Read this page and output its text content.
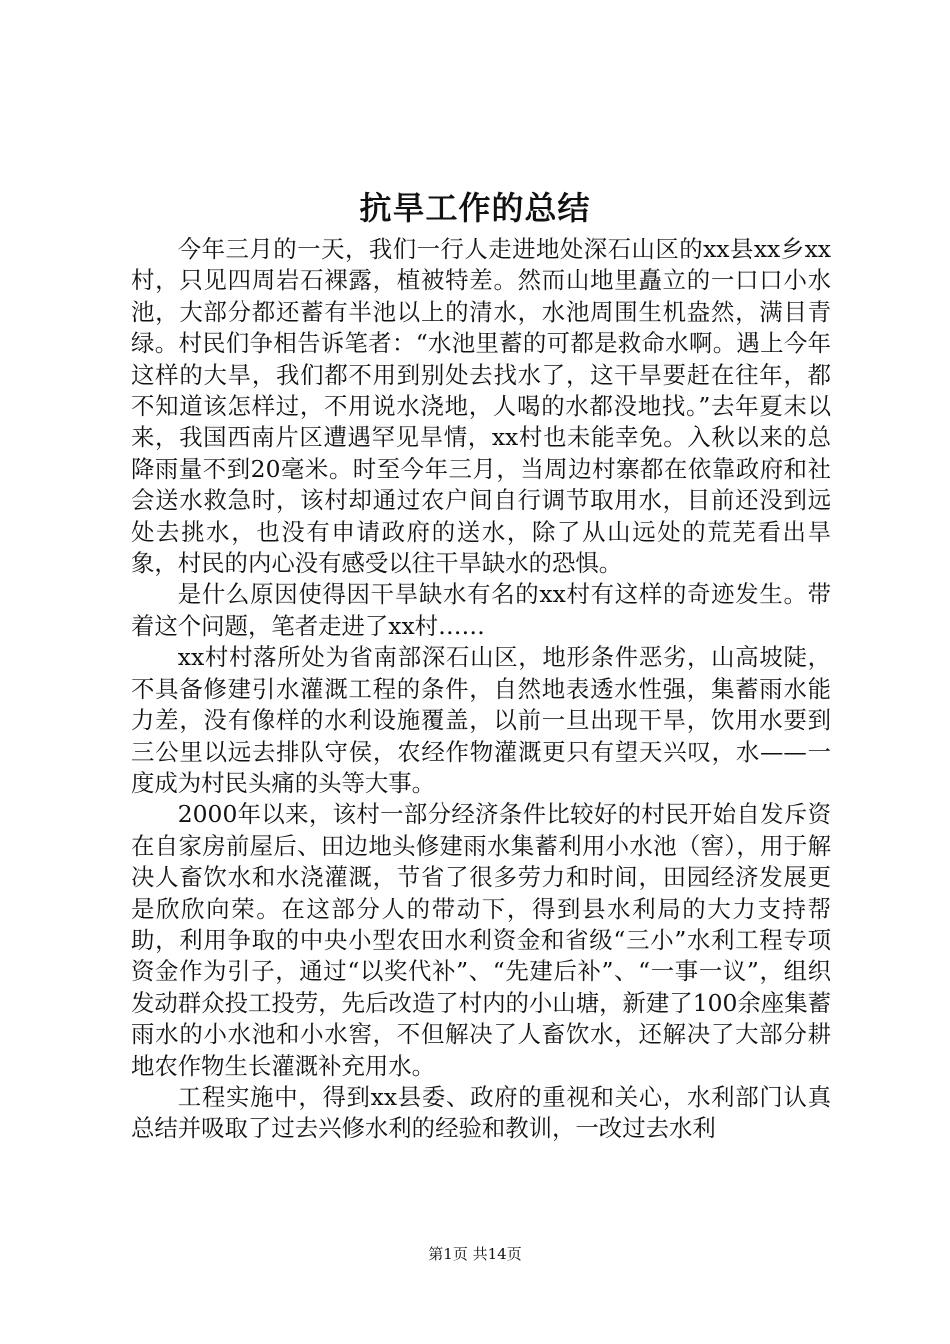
抗旱工作的总结

今年三月的一天，我们一行人走进地处深石山区的xx县xx乡xx村，只见四周岩石裸露，植被特差。然而山地里矗立的一口口小水池，大部分都还蓄有半池以上的清水，水池周围生机盎然，满目青绿。村民们争相告诉笔者：“水池里蓄的可都是救命水啊。遇上今年这样的大旱，我们都不用到别处去找水了，这干旱要赶在往年，都不知道该怎样过，不用说水浇地，人喝的水都没地找。”去年夏末以来，我国西南片区遭遇罕见旱情，xx村也未能幸免。入秋以来的总降雨量不到20毫米。时至今年三月，当周边村寨都在依靠政府和社会送水救急时，该村却通过农户间自行调节取用水，目前还没到远处去挑水，也没有申请政府的送水，除了从山远处的荒芜看出旱象，村民的内心没有感受以往干旱缺水的恐惧。

是什么原因使得因干旱缺水有名的xx村有这样的奇迹发生。带着这个问题，笔者走进了xx村……

xx村村落所处为省南部深石山区，地形条件恶劣，山高坡陡，不具备修建引水灌溉工程的条件，自然地表透水性强，集蓄雨水能力差，没有像样的水利设施覆盖，以前一旦出现干旱，饮用水要到三公里以远去排队守侯，农经作物灌溉更只有望天兴叹，水——一度成为村民头痛的头等大事。

2000年以来，该村一部分经济条件比较好的村民开始自发斥资在自家房前屋后、田边地头修建雨水集蓄利用小水池（窖），用于解决人畜饮水和水浇灌溉，节省了很多劳力和时间，田园经济发展更是欣欣向荣。在这部分人的带动下，得到县水利局的大力支持帮助，利用争取的中央小型农田水利资金和省级“三小”水利工程专项资金作为引子，通过“以奖代补”、“先建后补”、“一事一议”，组织发动群众投工投劳，先后改造了村内的小山塘，新建了100余座集蓄雨水的小水池和小水窖，不但解决了人畜饮水，还解决了大部分耕地农作物生长灌溉补充用水。

工程实施中，得到xx县委、政府的重视和关心，水利部门认真总结并吸取了过去兴修水利的经验和教训，一改过去水利

第1页 共14页
